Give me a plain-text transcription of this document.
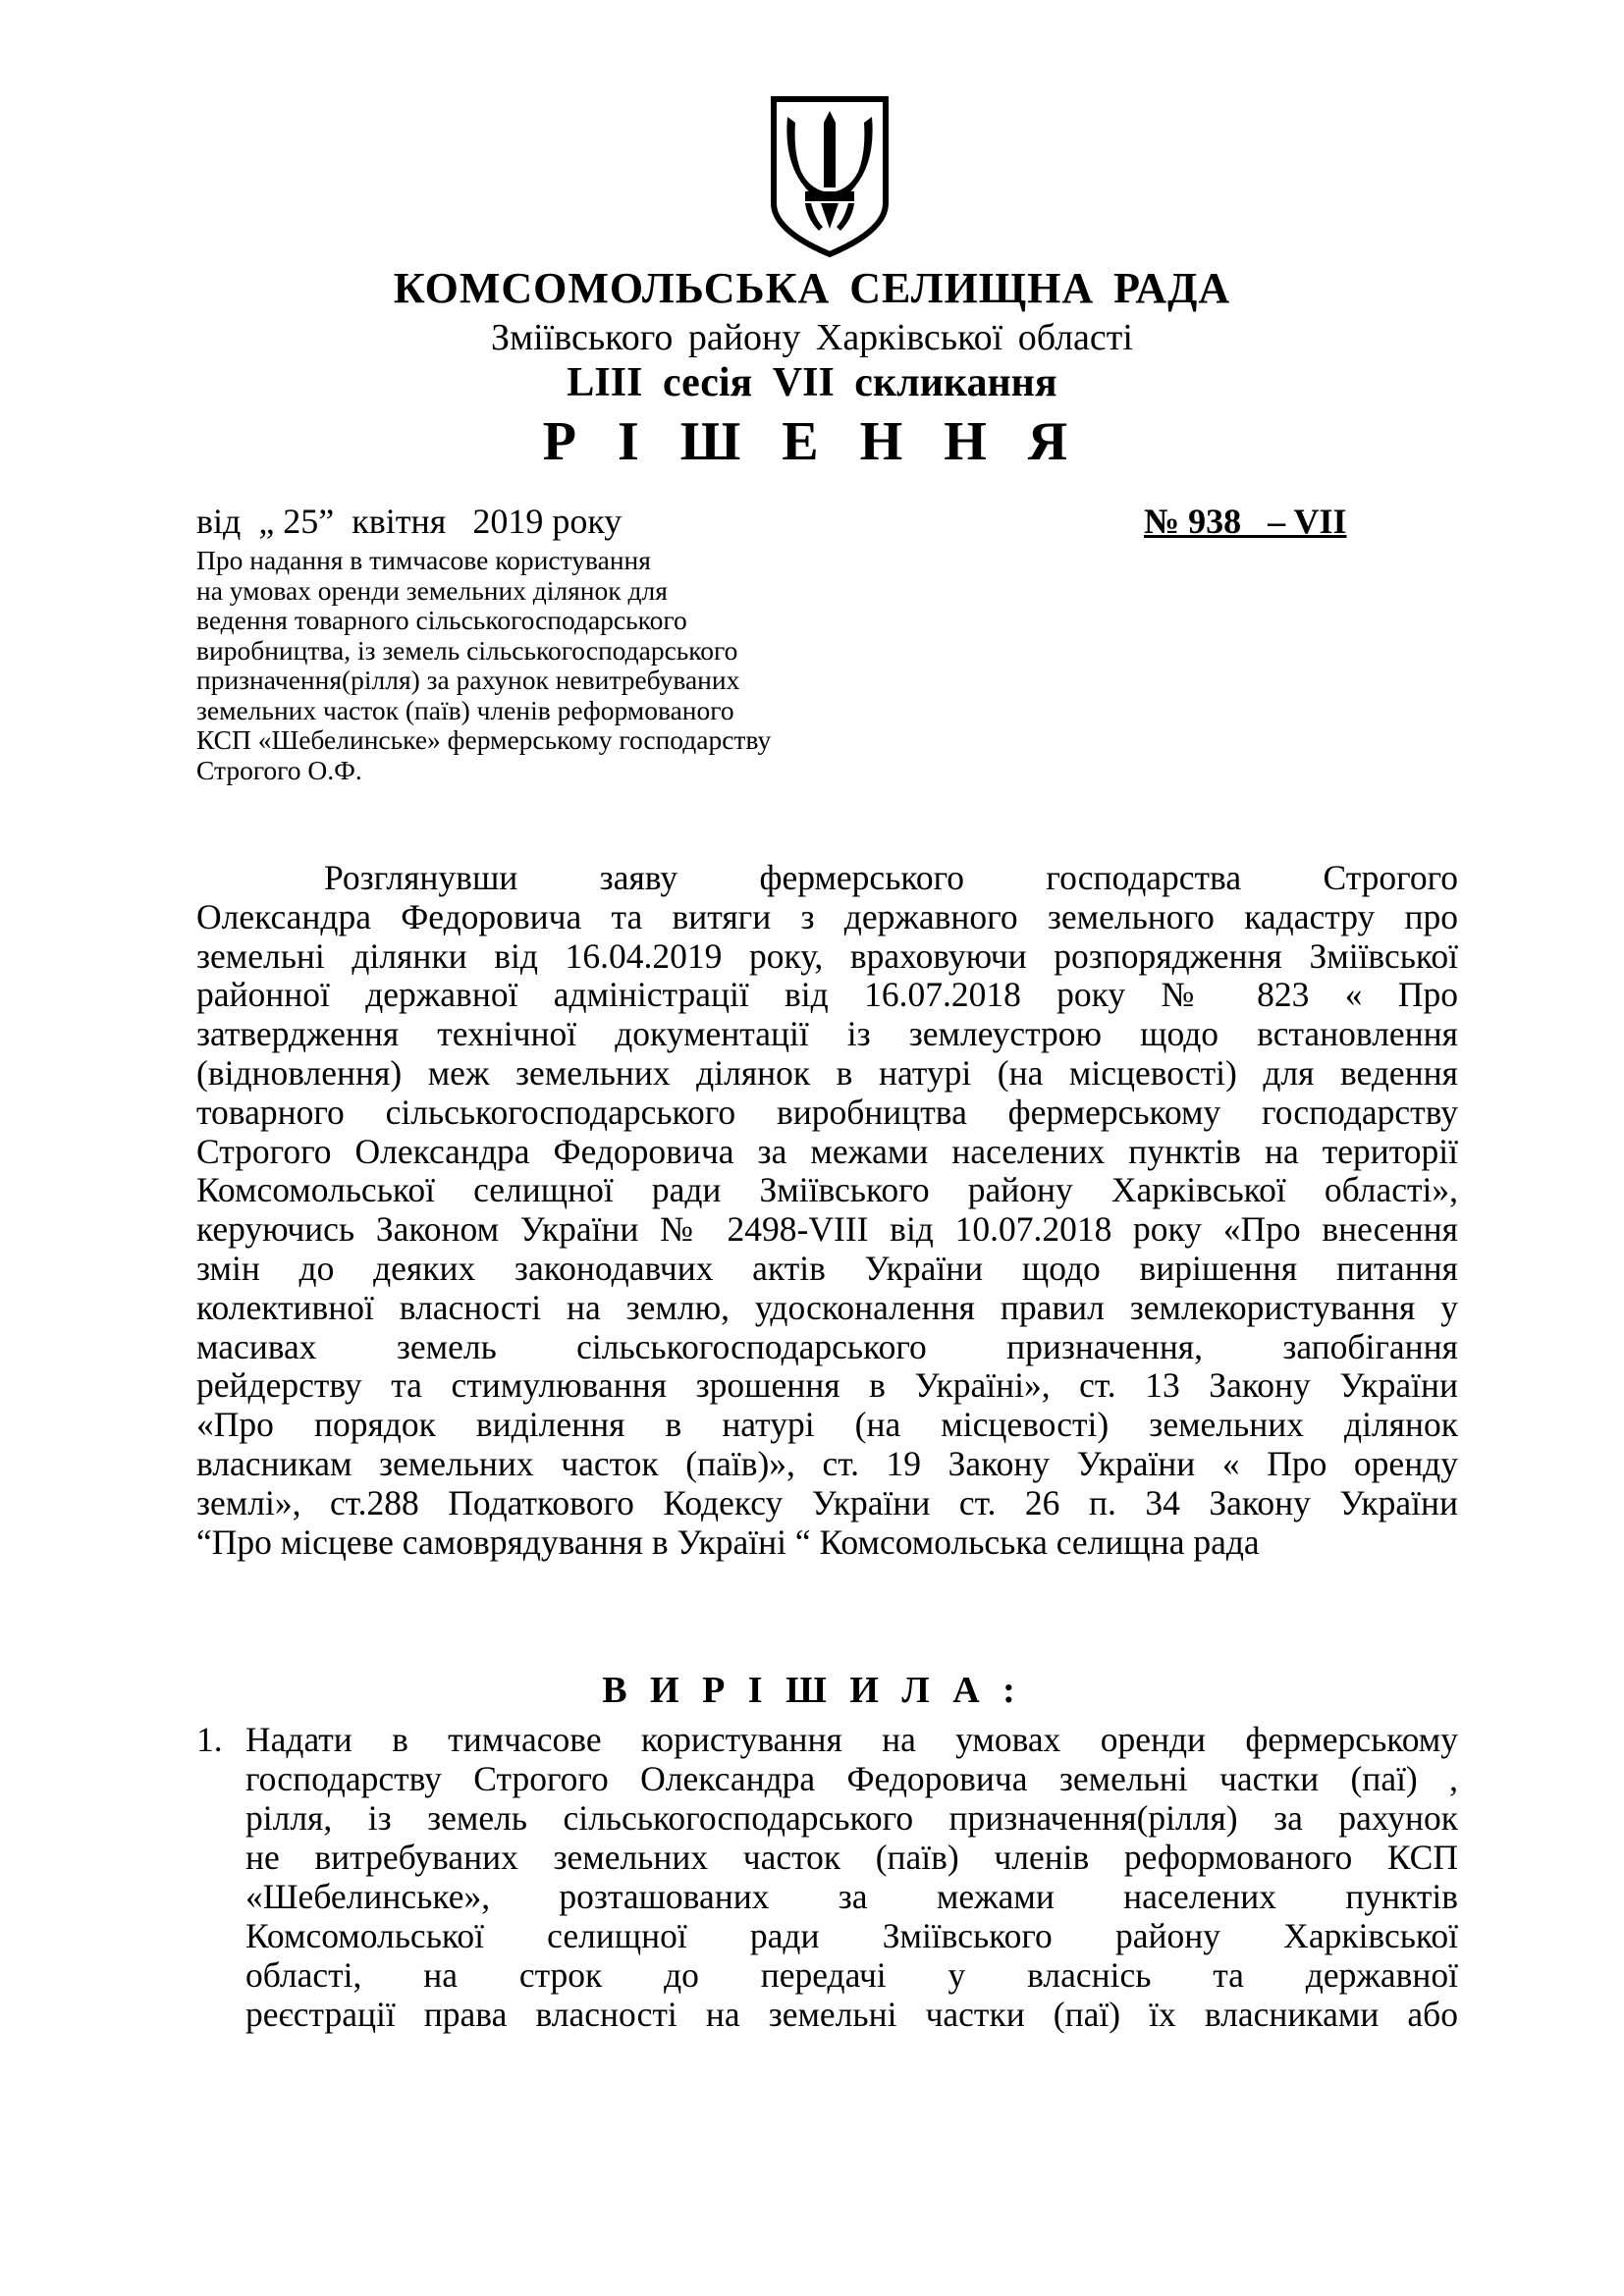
КОМСОМОЛЬСЬКА СЕЛИЩНА РАДА
Зміївського району Харківської області
LIII сесія VII скликання
Р І Ш Е Н Н Я
від  „ 25”  квітня   2019 року	№ 938   – VII
Про надання в тимчасове користування
на умовах оренди земельних ділянок для
ведення товарного сільськогосподарського
виробництва, із земель сільськогосподарського
призначення(рілля) за рахунок невитребуваних
земельних часток (паїв) членів реформованого
КСП «Шебелинське» фермерському господарству
Строгого О.Ф.
Розглянувши заяву фермерського господарства Строгого
Олександра Федоровича та витяги з державного земельного кадастру про
земельні ділянки від 16.04.2019 року, враховуючи розпорядження Зміївської
районної державної адміністрації від 16.07.2018 року № 823 « Про
затвердження технічної документації із землеустрою щодо встановлення
(відновлення) меж земельних ділянок в натурі (на місцевості) для ведення
товарного сільськогосподарського виробництва фермерському господарству
Строгого Олександра Федоровича за межами населених пунктів на території
Комсомольської селищної ради Зміївського району Харківської області»,
керуючись Законом України № 2498-VIII від 10.07.2018 року «Про внесення
змін до деяких законодавчих актів України щодо вирішення питання
колективної власності на землю, удосконалення правил землекористування у
масивах земель сільськогосподарського призначення, запобігання
рейдерству та стимулювання зрошення в Україні», ст. 13 Закону України
«Про порядок виділення в натурі (на місцевості) земельних ділянок
власникам земельних часток (паїв)», ст. 19 Закону України « Про оренду
землі», ст.288 Податкового Кодексу України ст. 26 п. 34 Закону України
“Про місцеве самоврядування в Україні “ Комсомольська селищна рада
В И Р І Ш И Л А :
1. Надати в тимчасове користування на умовах оренди фермерському
господарству Строгого Олександра Федоровича земельні частки (паї) ,
рілля, із земель сільськогосподарського призначення(рілля) за рахунок
не витребуваних земельних часток (паїв) членів реформованого КСП
«Шебелинське», розташованих за межами населених пунктів
Комсомольської селищної ради Зміївського району Харківської
області, на строк до передачі у власнісь та державної
реєстрації права власності на земельні частки (паї) їх власниками або
